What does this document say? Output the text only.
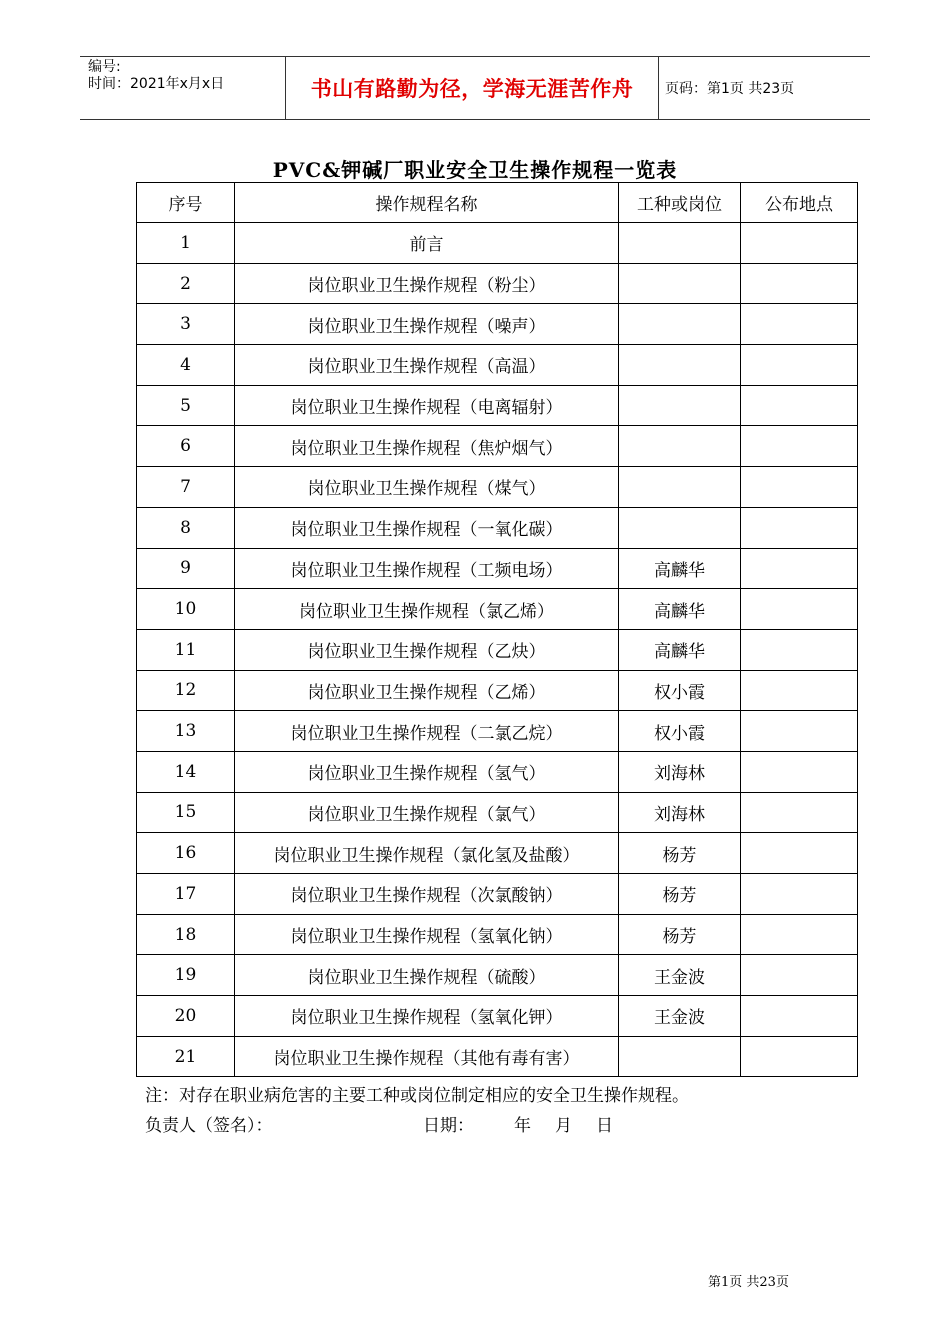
编号:
时间：2021年x月x日	书山有路勤为径，学海无涯苦作舟	页码：第1页 共23页
PVC&钾碱厂职业安全卫生操作规程一览表
序号	操作规程名称	工种或岗位	公布地点
1	前言		
2	岗位职业卫生操作规程（粉尘）		
3	岗位职业卫生操作规程（噪声）		
4	岗位职业卫生操作规程（高温）		
5	岗位职业卫生操作规程（电离辐射）		
6	岗位职业卫生操作规程（焦炉烟气）		
7	岗位职业卫生操作规程（煤气）		
8	岗位职业卫生操作规程（一氧化碳）		
9	岗位职业卫生操作规程（工频电场）	高麟华	
10	岗位职业卫生操作规程（氯乙烯）	高麟华	
11	岗位职业卫生操作规程（乙炔）	高麟华	
12	岗位职业卫生操作规程（乙烯）	权小霞	
13	岗位职业卫生操作规程（二氯乙烷）	权小霞	
14	岗位职业卫生操作规程（氢气）	刘海林	
15	岗位职业卫生操作规程（氯气）	刘海林	
16	岗位职业卫生操作规程（氯化氢及盐酸）	杨芳	
17	岗位职业卫生操作规程（次氯酸钠）	杨芳	
18	岗位职业卫生操作规程（氢氧化钠）	杨芳	
19	岗位职业卫生操作规程（硫酸）	王金波	
20	岗位职业卫生操作规程（氢氧化钾）	王金波	
21	岗位职业卫生操作规程（其他有毒有害）		
注：对存在职业病危害的主要工种或岗位制定相应的安全卫生操作规程。
负责人（签名）：	日期： 年 月 日
第1页 共23页
